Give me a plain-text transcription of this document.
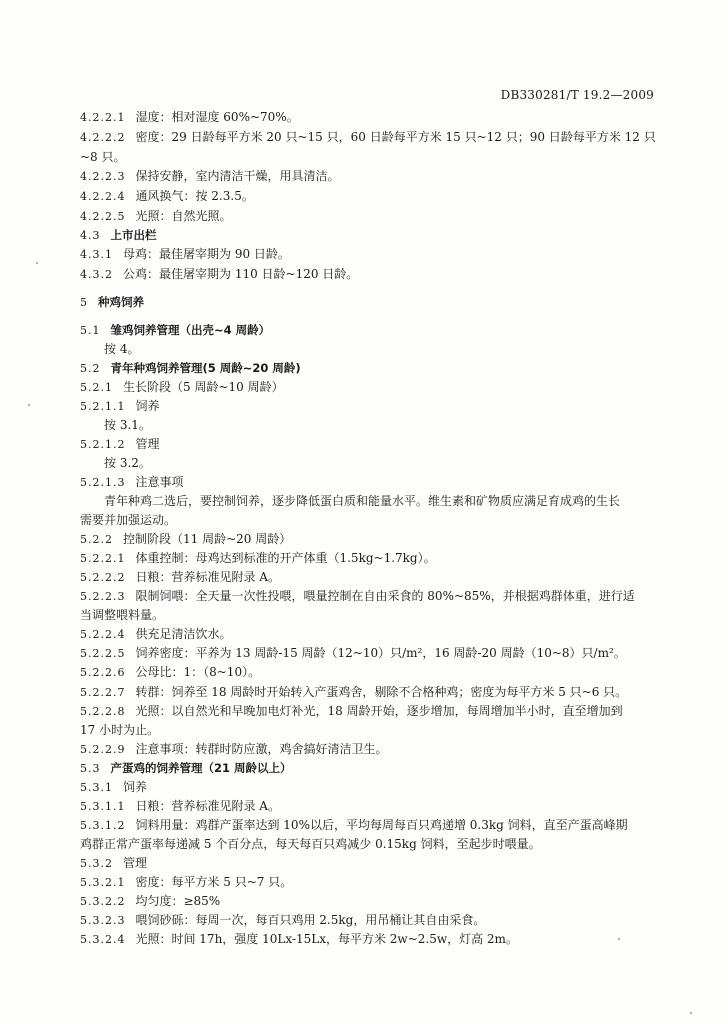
DB330281/T 19.2—2009
4.2.2.1 湿度：相对湿度 60%~70%。
4.2.2.2 密度：29 日龄每平方米 20 只~15 只，60 日龄每平方米 15 只~12 只；90 日龄每平方米 12 只
~8 只。
4.2.2.3 保持安静，室内清洁干燥，用具清洁。
4.2.2.4 通风换气：按 2.3.5。
4.2.2.5 光照：自然光照。
4.3 上市出栏
4.3.1 母鸡：最佳屠宰期为 90 日龄。
4.3.2 公鸡：最佳屠宰期为 110 日龄~120 日龄。
5 种鸡饲养
5.1 雏鸡饲养管理（出壳~4 周龄）
按 4。
5.2 青年种鸡饲养管理(5 周龄~20 周龄)
5.2.1 生长阶段（5 周龄~10 周龄）
5.2.1.1 饲养
按 3.1。
5.2.1.2 管理
按 3.2。
5.2.1.3 注意事项
青年种鸡二选后，要控制饲养，逐步降低蛋白质和能量水平。维生素和矿物质应满足育成鸡的生长
需要并加强运动。
5.2.2 控制阶段（11 周龄~20 周龄）
5.2.2.1 体重控制：母鸡达到标准的开产体重（1.5kg~1.7kg）。
5.2.2.2 日粮：营养标准见附录 A。
5.2.2.3 限制饲喂：全天量一次性投喂，喂量控制在自由采食的 80%~85%，并根据鸡群体重，进行适
当调整喂料量。
5.2.2.4 供充足清洁饮水。
5.2.2.5 饲养密度：平养为 13 周龄-15 周龄（12~10）只/m²，16 周龄-20 周龄（10~8）只/m²。
5.2.2.6 公母比：1：（8~10）。
5.2.2.7 转群：饲养至 18 周龄时开始转入产蛋鸡舍，剔除不合格种鸡；密度为每平方米 5 只~6 只。
5.2.2.8 光照：以自然光和早晚加电灯补光，18 周龄开始，逐步增加，每周增加半小时，直至增加到
17 小时为止。
5.2.2.9 注意事项：转群时防应激，鸡舍搞好清洁卫生。
5.3 产蛋鸡的饲养管理（21 周龄以上）
5.3.1 饲养
5.3.1.1 日粮：营养标准见附录 A。
5.3.1.2 饲料用量：鸡群产蛋率达到 10%以后，平均每周每百只鸡递增 0.3kg 饲料，直至产蛋高峰期
鸡群正常产蛋率每递减 5 个百分点，每天每百只鸡减少 0.15kg 饲料，至起步时喂量。
5.3.2 管理
5.3.2.1 密度：每平方米 5 只~7 只。
5.3.2.2 均匀度：≥85%
5.3.2.3 喂饲砂砾：每周一次，每百只鸡用 2.5kg，用吊桶让其自由采食。
5.3.2.4 光照：时间 17h，强度 10Lx-15Lx，每平方米 2w~2.5w，灯高 2m。
